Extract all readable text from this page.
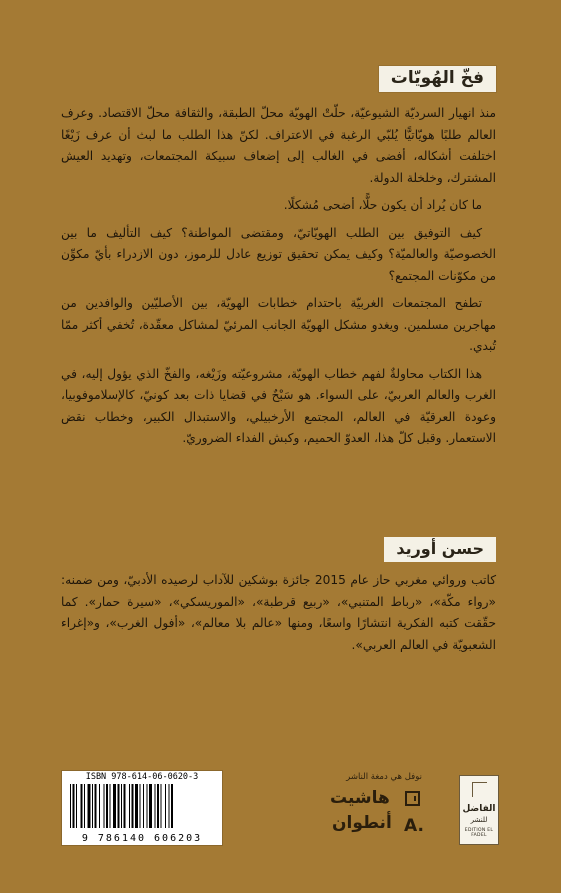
فخّ الهُويّات

منذ انهيار السرديّة الشيوعيّة، حلّتْ الهويّة محلّ الطبقة، والثقافة محلّ الاقتصاد. وعرف العالم طلبًا هويّاتيًّا يُلبّي الرغبة في الاعتراف. لكنّ هذا الطلب ما لبث أن عرف زَيْغًا اختلفت أشكاله، أفضى في الغالب إلى إضعاف سبيكة المجتمعات، وتهديد العيش المشترك، وخلخلة الدولة.

ما كان يُراد أن يكون حلًّا، أضحى مُشكلًا.

كيف التوفيق بين الطلب الهويّاتيّ، ومقتضى المواطنة؟ كيف التأليف ما بين الخصوصيّة والعالميّة؟ وكيف يمكن تحقيق توزيع عادل للرموز، دون الازدراء بأيّ مكوِّن من مكوّنات المجتمع؟

تطفح المجتمعات الغربيّة باحتدام خطابات الهويّة، بين الأصليّين والوافدين من مهاجرين مسلمين. ويغدو مشكل الهويّة الجانب المرئيّ لمشاكل معقّدة، تُخفي أكثر ممّا تُبدي.

هذا الكتاب محاولةٌ لفهم خطاب الهويّة، مشروعيّته وزَيْغه، والفخّ الذي يؤول إليه، في الغرب والعالم العربيّ، على السواء. هو سَبْحٌ في قضايا ذات بعد كونيّ، كالإسلاموفوبيا، وعودة العرقيّة في العالم، المجتمع الأرخبيلي، والاستبدال الكبير، وخطاب نقض الاستعمار. وقبل كلّ هذا، العدوّ الحميم، وكبش الفداء الضروريّ.

حسن أوريد

كاتب وروائي مغربي حاز عام 2015 جائزة بوشكين للآداب لرصيده الأدبيّ، ومن ضمنه: «رواء مكّة»، «رباط المتنبي»، «ربيع قرطبة»، «الموريسكي»، «سيرة حمار». كما حقّقت كتبه الفكرية انتشارًا واسعًا، ومنها «عالم بلا معالم»، «أفول الغرب»، و«إغراء الشعبويّة في العالم العربي».

ISBN 978-614-06-0620-3
9 786140 606203
نوفل هي دمغة الناشر
هاشيت
أنطوان A.
الفاضل
للنشر
EDITION EL FADEL
